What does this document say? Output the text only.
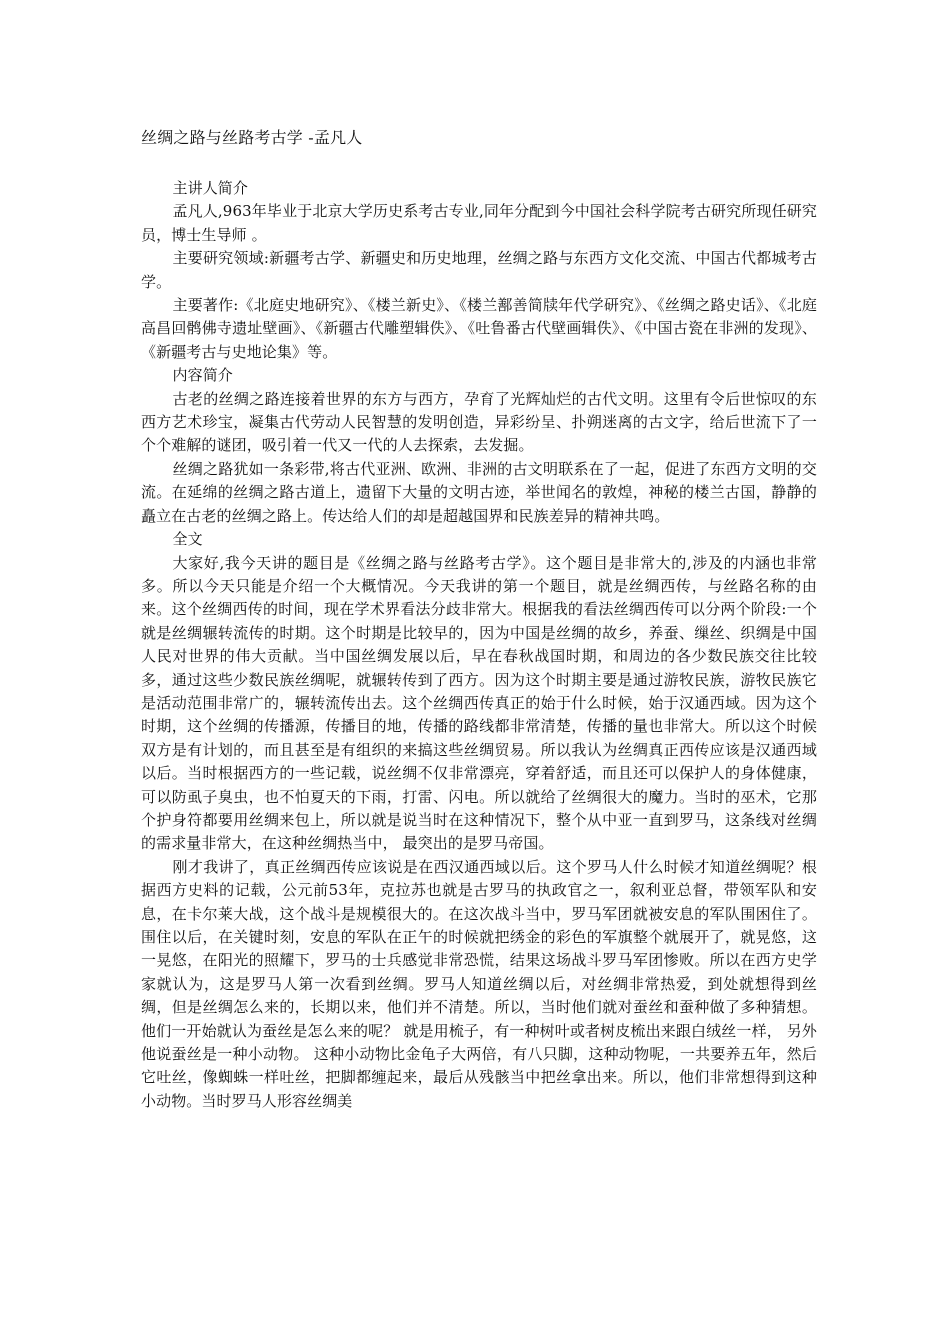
丝绸之路与丝路考古学 -孟凡人

主讲人简介

孟凡人,963年毕业于北京大学历史系考古专业,同年分配到今中国社会科学院考古研究所现任研究员，博士生导师 。

主要研究领域:新疆考古学、新疆史和历史地理，丝绸之路与东西方文化交流、中国古代都城考古学。

主要著作:《北庭史地研究》、《楼兰新史》、《楼兰鄯善简牍年代学研究》、《丝绸之路史话》、《北庭高昌回鹘佛寺遗址壁画》、《新疆古代雕塑辑佚》、《吐鲁番古代壁画辑佚》、《中国古瓷在非洲的发现》、 《新疆考古与史地论集》等。

内容简介

古老的丝绸之路连接着世界的东方与西方，孕育了光辉灿烂的古代文明。这里有令后世惊叹的东西方艺术珍宝，凝集古代劳动人民智慧的发明创造，异彩纷呈、扑朔迷离的古文字，给后世流下了一个个难解的谜团，吸引着一代又一代的人去探索，去发掘。

丝绸之路犹如一条彩带,将古代亚洲、欧洲、非洲的古文明联系在了一起，促进了东西方文明的交流。在延绵的丝绸之路古道上，遗留下大量的文明古迹，举世闻名的敦煌，神秘的楼兰古国，静静的矗立在古老的丝绸之路上。传达给人们的却是超越国界和民族差异的精神共鸣。

全文

大家好,我今天讲的题目是《丝绸之路与丝路考古学》。这个题目是非常大的,涉及的内涵也非常多。所以今天只能是介绍一个大概情况。今天我讲的第一个题目，就是丝绸西传，与丝路名称的由来。这个丝绸西传的时间，现在学术界看法分歧非常大。根据我的看法丝绸西传可以分两个阶段:一个就是丝绸辗转流传的时期。这个时期是比较早的，因为中国是丝绸的故乡，养蚕、缫丝、织绸是中国人民对世界的伟大贡献。当中国丝绸发展以后，早在春秋战国时期，和周边的各少数民族交往比较多，通过这些少数民族丝绸呢，就辗转传到了西方。因为这个时期主要是通过游牧民族，游牧民族它是活动范围非常广的，辗转流传出去。这个丝绸西传真正的始于什么时候，始于汉通西域。因为这个时期，这个丝绸的传播源，传播目的地，传播的路线都非常清楚，传播的量也非常大。所以这个时候双方是有计划的，而且甚至是有组织的来搞这些丝绸贸易。所以我认为丝绸真正西传应该是汉通西域以后。当时根据西方的一些记载，说丝绸不仅非常漂亮，穿着舒适，而且还可以保护人的身体健康，可以防虱子臭虫，也不怕夏天的下雨，打雷、闪电。所以就给了丝绸很大的魔力。当时的巫术，它那个护身符都要用丝绸来包上，所以就是说当时在这种情况下，整个从中亚一直到罗马，这条线对丝绸的需求量非常大，在这种丝绸热当中， 最突出的是罗马帝国。

刚才我讲了，真正丝绸西传应该说是在西汉通西域以后。这个罗马人什么时候才知道丝绸呢？根据西方史料的记载，公元前53年，克拉苏也就是古罗马的执政官之一，叙利亚总督，带领军队和安息，在卡尔莱大战，这个战斗是规模很大的。在这次战斗当中，罗马军团就被安息的军队围困住了。围住以后，在关键时刻，安息的军队在正午的时候就把绣金的彩色的军旗整个就展开了，就晃悠，这一晃悠，在阳光的照耀下，罗马的士兵感觉非常恐慌，结果这场战斗罗马军团惨败。所以在西方史学家就认为，这是罗马人第一次看到丝绸。罗马人知道丝绸以后，对丝绸非常热爱，到处就想得到丝绸，但是丝绸怎么来的，长期以来，他们并不清楚。所以，当时他们就对蚕丝和蚕种做了多种猜想。 他们一开始就认为蚕丝是怎么来的呢？ 就是用梳子，有一种树叶或者树皮梳出来跟白绒丝一样， 另外他说蚕丝是一种小动物。 这种小动物比金龟子大两倍，有八只脚，这种动物呢，一共要养五年，然后它吐丝，像蜘蛛一样吐丝，把脚都缠起来，最后从残骸当中把丝拿出来。所以，他们非常想得到这种小动物。当时罗马人形容丝绸美
